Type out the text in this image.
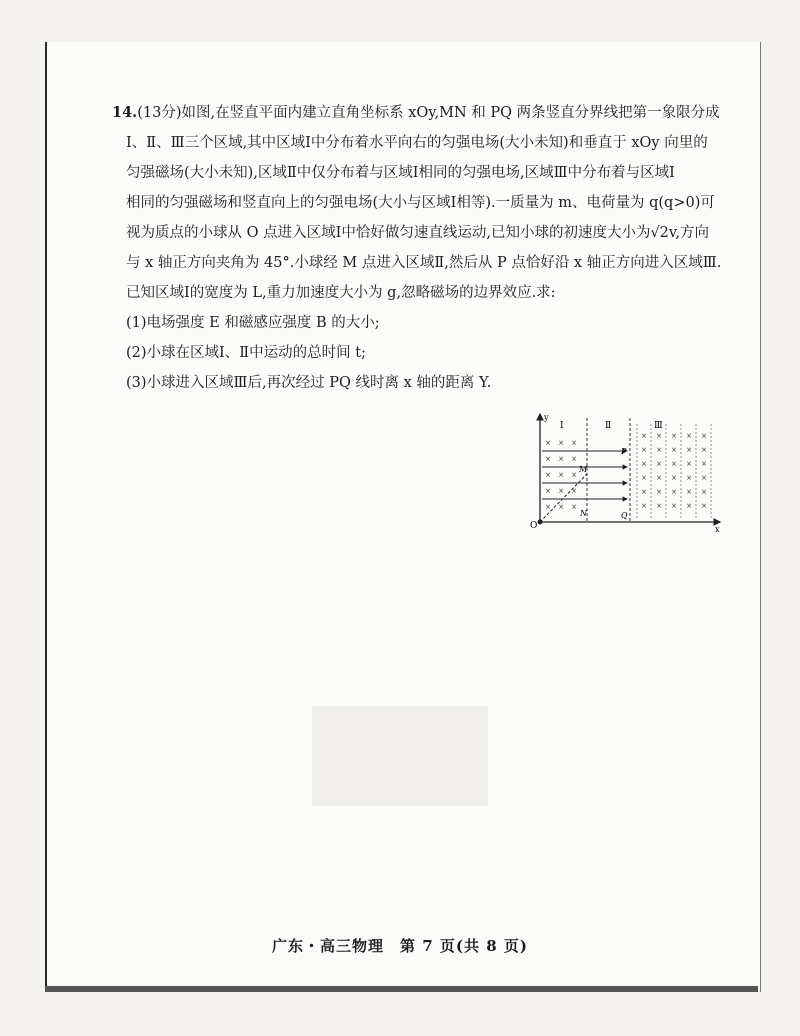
14.(13分)如图,在竖直平面内建立直角坐标系 xOy,MN 和 PQ 两条竖直分界线把第一象限分成

Ⅰ、Ⅱ、Ⅲ三个区域,其中区域Ⅰ中分布着水平向右的匀强电场(大小未知)和垂直于 xOy 向里的

匀强磁场(大小未知),区域Ⅱ中仅分布着与区域Ⅰ相同的匀强电场,区域Ⅲ中分布着与区域Ⅰ

相同的匀强磁场和竖直向上的匀强电场(大小与区域Ⅰ相等).一质量为 m、电荷量为 q(q>0)可

视为质点的小球从 O 点进入区域Ⅰ中恰好做匀速直线运动,已知小球的初速度大小为√2v,方向

与 x 轴正方向夹角为 45°.小球经 M 点进入区域Ⅱ,然后从 P 点恰好沿 x 轴正方向进入区域Ⅲ.

已知区域Ⅰ的宽度为 L,重力加速度大小为 g,忽略磁场的边界效应.求:

(1)电场强度 E 和磁感应强度 B 的大小;

(2)小球在区域Ⅰ、Ⅱ中运动的总时间 t;

(3)小球进入区域Ⅲ后,再次经过 PQ 线时离 x 轴的距离 Y.

y
x
O
Ⅰ	Ⅱ	Ⅲ
M
N
P
Q
×
×
×
×
×
×
×
×
×
×
×
×
×
×
×
×
×
×
×
×
×
×
×
×
×
×
×
×
×
×
×
×
×
×
×
×
×
×
×
×
×
×
×
×
×

广东・高三物理　第 7 页(共 8 页)
